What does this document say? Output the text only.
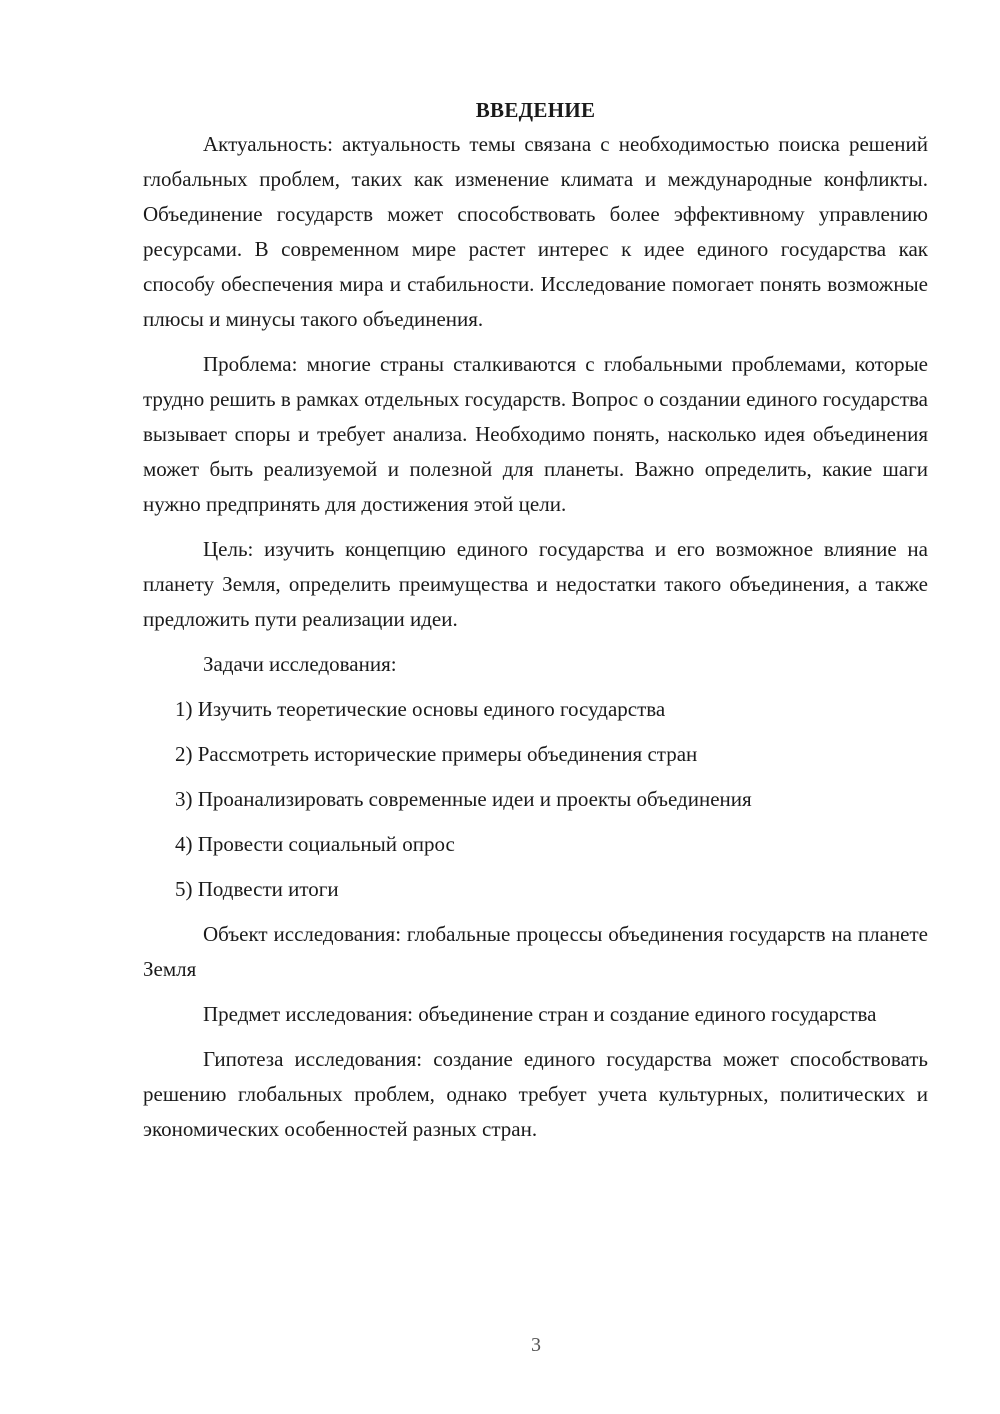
ВВЕДЕНИЕ

Актуальность: актуальность темы связана с необходимостью поиска решений глобальных проблем, таких как изменение климата и международные конфликты. Объединение государств может способствовать более эффективному управлению ресурсами. В современном мире растет интерес к идее единого государства как способу обеспечения мира и стабильности. Исследование помогает понять возможные плюсы и минусы такого объединения.

Проблема: многие страны сталкиваются с глобальными проблемами, которые трудно решить в рамках отдельных государств. Вопрос о создании единого государства вызывает споры и требует анализа. Необходимо понять, насколько идея объединения может быть реализуемой и полезной для планеты. Важно определить, какие шаги нужно предпринять для достижения этой цели.

Цель: изучить концепцию единого государства и его возможное влияние на планету Земля, определить преимущества и недостатки такого объединения, а также предложить пути реализации идеи.

Задачи исследования:

1) Изучить теоретические основы единого государства
2) Рассмотреть исторические примеры объединения стран
3) Проанализировать современные идеи и проекты объединения
4) Провести социальный опрос
5) Подвести итоги

Объект исследования: глобальные процессы объединения государств на планете Земля

Предмет исследования: объединение стран и создание единого государства

Гипотеза исследования: создание единого государства может способствовать решению глобальных проблем, однако требует учета культурных, политических и экономических особенностей разных стран.

3
